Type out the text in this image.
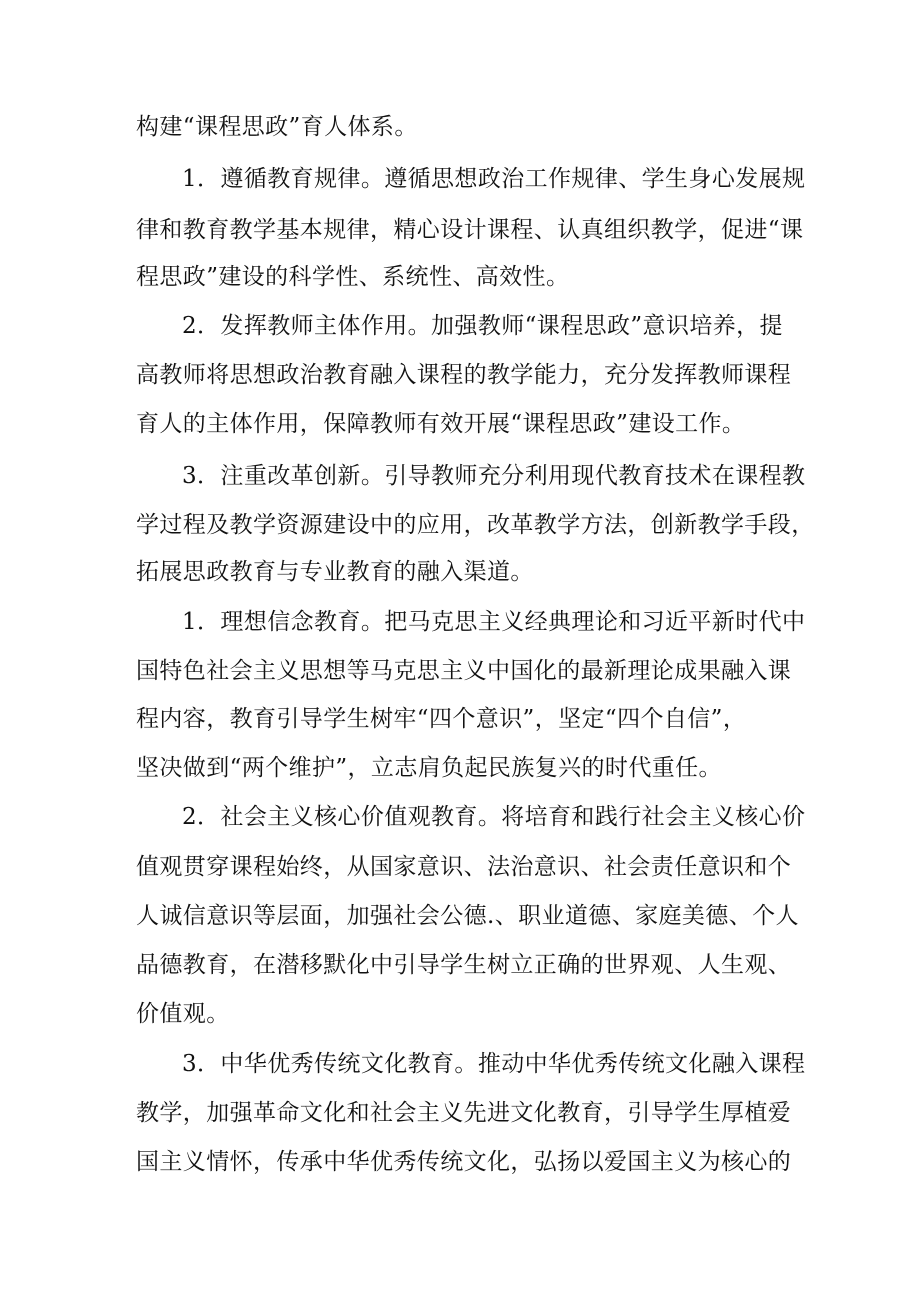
构建“课程思政”育人体系。
1．遵循教育规律。遵循思想政治工作规律、学生身心发展规
律和教育教学基本规律，精心设计课程、认真组织教学，促进“课
程思政”建设的科学性、系统性、高效性。
2．发挥教师主体作用。加强教师“课程思政”意识培养，提
高教师将思想政治教育融入课程的教学能力，充分发挥教师课程
育人的主体作用，保障教师有效开展“课程思政”建设工作。
3．注重改革创新。引导教师充分利用现代教育技术在课程教
学过程及教学资源建设中的应用，改革教学方法，创新教学手段，
拓展思政教育与专业教育的融入渠道。
1．理想信念教育。把马克思主义经典理论和习近平新时代中
国特色社会主义思想等马克思主义中国化的最新理论成果融入课
程内容，教育引导学生树牢“四个意识”，坚定“四个自信”，
坚决做到“两个维护”，立志肩负起民族复兴的时代重任。
2．社会主义核心价值观教育。将培育和践行社会主义核心价
值观贯穿课程始终，从国家意识、法治意识、社会责任意识和个
人诚信意识等层面，加强社会公德.、职业道德、家庭美德、个人
品德教育，在潜移默化中引导学生树立正确的世界观、人生观、
价值观。
3．中华优秀传统文化教育。推动中华优秀传统文化融入课程
教学，加强革命文化和社会主义先进文化教育，引导学生厚植爱
国主义情怀，传承中华优秀传统文化，弘扬以爱国主义为核心的
